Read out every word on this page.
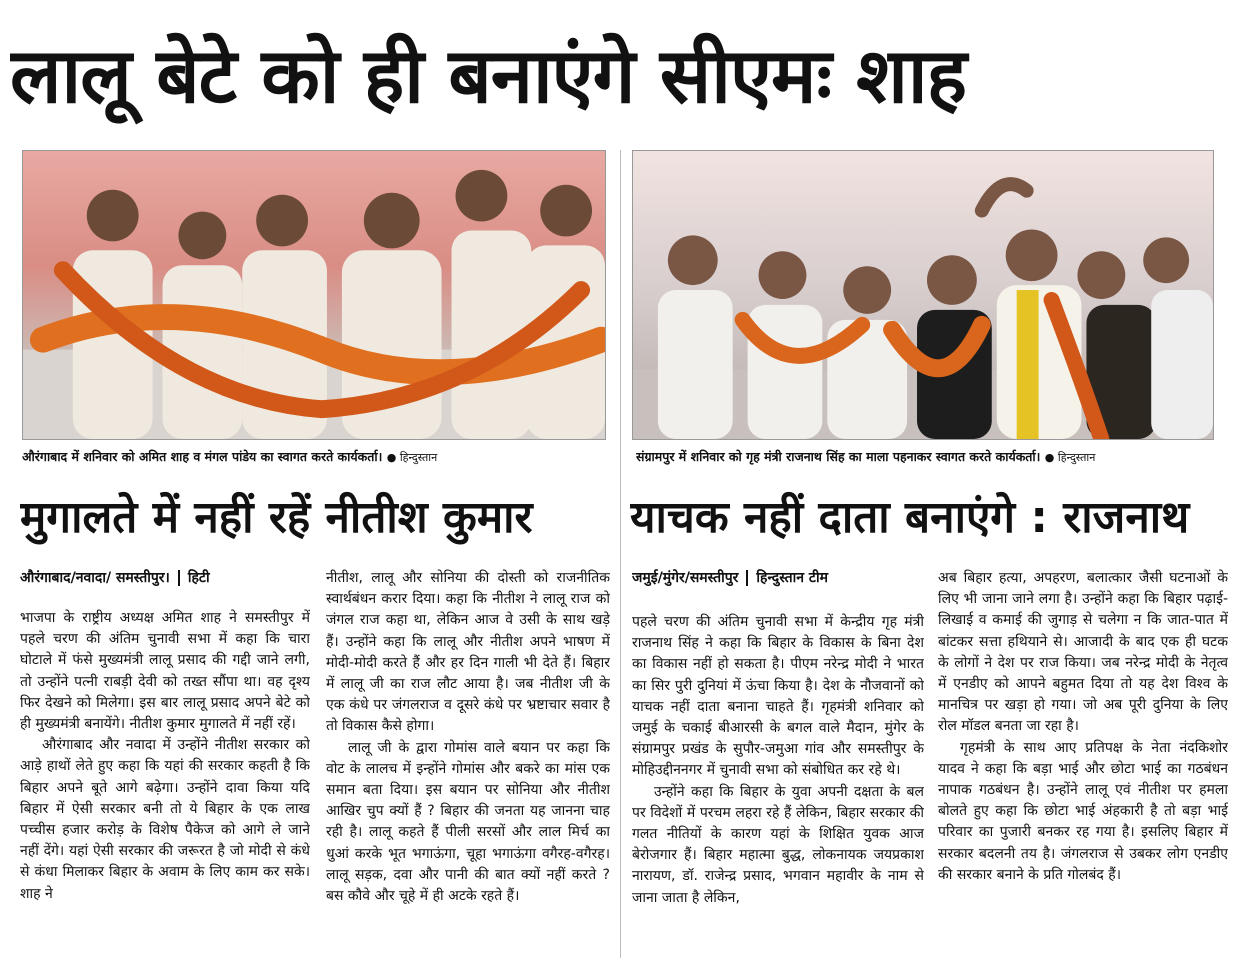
लालू बेटे को ही बनाएंगे सीएमः शाह
औरंगाबाद में शनिवार को अमित शाह व मंगल पांडेय का स्वागत करते कार्यकर्ता। ● हिन्दुस्तान	संग्रामपुर में शनिवार को गृह मंत्री राजनाथ सिंह का माला पहनाकर स्वागत करते कार्यकर्ता। ● हिन्दुस्तान
मुगालते में नहीं रहें नीतीश कुमार	याचक नहीं दाता बनाएंगे : राजनाथ
औरंगाबाद/नवादा/ समस्तीपुर। हिटी	जमुई/मुंगेर/समस्तीपुर हिन्दुस्तान टीम

भाजपा के राष्ट्रीय अध्यक्ष अमित शाह ने समस्तीपुर में पहले चरण की अंतिम चुनावी सभा में कहा कि चारा घोटाले में फंसे मुख्यमंत्री लालू प्रसाद की गद्दी जाने लगी, तो उन्होंने पत्नी राबड़ी देवी को तख्त सौंपा था। वह दृश्य फिर देखने को मिलेगा। इस बार लालू प्रसाद अपने बेटे को ही मुख्यमंत्री बनायेंगे। नीतीश कुमार मुगालते में नहीं रहें।

औरंगाबाद और नवादा में उन्होंने नीतीश सरकार को आड़े हाथों लेते हुए कहा कि यहां की सरकार कहती है कि बिहार अपने बूते आगे बढ़ेगा। उन्होंने दावा किया यदि बिहार में ऐसी सरकार बनी तो ये बिहार के एक लाख पच्चीस हजार करोड़ के विशेष पैकेज को आगे ले जाने नहीं देंगे। यहां ऐसी सरकार की जरूरत है जो मोदी से कंधे से कंधा मिलाकर बिहार के अवाम के लिए काम कर सके। शाह ने

नीतीश, लालू और सोनिया की दोस्ती को राजनीतिक स्वार्थबंधन करार दिया। कहा कि नीतीश ने लालू राज को जंगल राज कहा था, लेकिन आज वे उसी के साथ खड़े हैं। उन्होंने कहा कि लालू और नीतीश अपने भाषण में मोदी-मोदी करते हैं और हर दिन गाली भी देते हैं। बिहार में लालू जी का राज लौट आया है। जब नीतीश जी के एक कंधे पर जंगलराज व दूसरे कंधे पर भ्रष्टाचार सवार है तो विकास कैसे होगा।

लालू जी के द्वारा गोमांस वाले बयान पर कहा कि वोट के लालच में इन्होंने गोमांस और बकरे का मांस एक समान बता दिया। इस बयान पर सोनिया और नीतीश आखिर चुप क्यों हैं ? बिहार की जनता यह जानना चाह रही है। लालू कहते हैं पीली सरसों और लाल मिर्च का धुआं करके भूत भगाऊंगा, चूहा भगाऊंगा वगैरह-वगैरह। लालू सड़क, दवा और पानी की बात क्यों नहीं करते ? बस कौवे और चूहे में ही अटके रहते हैं।

पहले चरण की अंतिम चुनावी सभा में केन्द्रीय गृह मंत्री राजनाथ सिंह ने कहा कि बिहार के विकास के बिना देश का विकास नहीं हो सकता है। पीएम नरेन्द्र मोदी ने भारत का सिर पुरी दुनियां में ऊंचा किया है। देश के नौजवानों को याचक नहीं दाता बनाना चाहते हैं। गृहमंत्री शनिवार को जमुई के चकाई बीआरसी के बगल वाले मैदान, मुंगेर के संग्रामपुर प्रखंड के सुपौर-जमुआ गांव और समस्तीपुर के मोहिउद्दीननगर में चुनावी सभा को संबोधित कर रहे थे।

उन्होंने कहा कि बिहार के युवा अपनी दक्षता के बल पर विदेशों में परचम लहरा रहे हैं लेकिन, बिहार सरकार की गलत नीतियों के कारण यहां के शिक्षित युवक आज बेरोजगार हैं। बिहार महात्मा बुद्ध, लोकनायक जयप्रकाश नारायण, डॉ. राजेन्द्र प्रसाद, भगवान महावीर के नाम से जाना जाता है लेकिन,

अब बिहार हत्या, अपहरण, बलात्कार जैसी घटनाओं के लिए भी जाना जाने लगा है। उन्होंने कहा कि बिहार पढ़ाई-लिखाई व कमाई की जुगाड़ से चलेगा न कि जात-पात में बांटकर सत्ता हथियाने से। आजादी के बाद एक ही घटक के लोगों ने देश पर राज किया। जब नरेन्द्र मोदी के नेतृत्व में एनडीए को आपने बहुमत दिया तो यह देश विश्व के मानचित्र पर खड़ा हो गया। जो अब पूरी दुनिया के लिए रोल मॉडल बनता जा रहा है।

गृहमंत्री के साथ आए प्रतिपक्ष के नेता नंदकिशोर यादव ने कहा कि बड़ा भाई और छोटा भाई का गठबंधन नापाक गठबंधन है। उन्होंने लालू एवं नीतीश पर हमला बोलते हुए कहा कि छोटा भाई अंहकारी है तो बड़ा भाई परिवार का पुजारी बनकर रह गया है। इसलिए बिहार में सरकार बदलनी तय है। जंगलराज से उबकर लोग एनडीए की सरकार बनाने के प्रति गोलबंद हैं।
